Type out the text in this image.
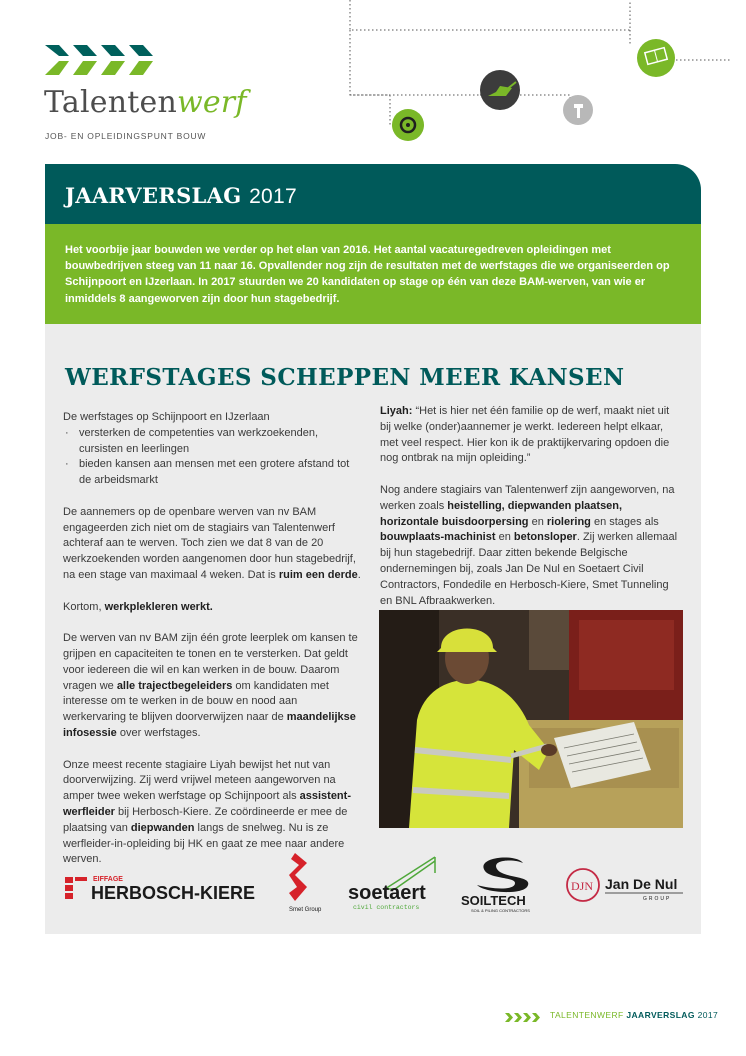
Talentenwerf
JOB- EN OPLEIDINGSPUNT BOUW
JAARVERSLAG 2017

Het voorbije jaar bouwden we verder op het elan van 2016. Het aantal vacaturegedreven opleidingen met bouwbedrijven steeg van 11 naar 16. Opvallender nog zijn de resultaten met de werfstages die we organiseerden op Schijnpoort en IJzerlaan. In 2017 stuurden we 20 kandidaten op stage op één van deze BAM-werven, van wie er inmiddels 8 aangeworven zijn door hun stagebedrijf.

WERFSTAGES SCHEPPEN MEER KANSEN

De werfstages op Schijnpoort en IJzerlaan

· versterken de competenties van werkzoekenden, cursisten en leerlingen
· bieden kansen aan mensen met een grotere afstand tot de arbeidsmarkt

De aannemers op de openbare werven van nv BAM engageerden zich niet om de stagiairs van Talentenwerf achteraf aan te werven. Toch zien we dat 8 van de 20 werkzoekenden worden aangenomen door hun stagebedrijf, na een stage van maximaal 4 weken. Dat is ruim een derde.

Kortom, werkplekleren werkt.

De werven van nv BAM zijn één grote leerplek om kansen te grijpen en capaciteiten te tonen en te versterken. Dat geldt voor iedereen die wil en kan werken in de bouw. Daarom vragen we alle trajectbegeleiders om kandidaten met interesse om te werken in de bouw en nood aan werkervaring te blijven doorverwijzen naar de maandelijkse infosessie over werfstages.

Onze meest recente stagiaire Liyah bewijst het nut van doorverwijzing. Zij werd vrijwel meteen aangeworven na amper twee weken werfstage op Schijnpoort als assistent-werfleider bij Herbosch-Kiere. Ze coördineerde er mee de plaatsing van diepwanden langs de snelweg. Nu is ze werfleider-in-opleiding bij HK en gaat ze mee naar andere werven.

Liyah: “Het is hier net één familie op de werf, maakt niet uit bij welke (onder)aannemer je werkt. Iedereen helpt elkaar, met veel respect. Hier kon ik de praktijkervaring opdoen die nog ontbrak na mijn opleiding.”

Nog andere stagiairs van Talentenwerf zijn aangeworven, na werken zoals heistelling, diepwanden plaatsen, horizontale buisdoorpersing en riolering en stages als bouwplaats-machinist en betonsloper. Zij werken allemaal bij hun stagebedrijf. Daar zitten bekende Belgische ondernemingen bij, zoals Jan De Nul en Soetaert Civil Contractors, Fondedile en Herbosch-Kiere, Smet Tunneling en BNL Afbraakwerken.

EIFFAGE
HERBOSCH-KIERE
Smet Group
soetaert
civil contractors	SOILTECH
SOIL & PILING CONTRACTORS
DJN Jan De Nul
GROUP
TALENTENWERF JAARVERSLAG 2017
